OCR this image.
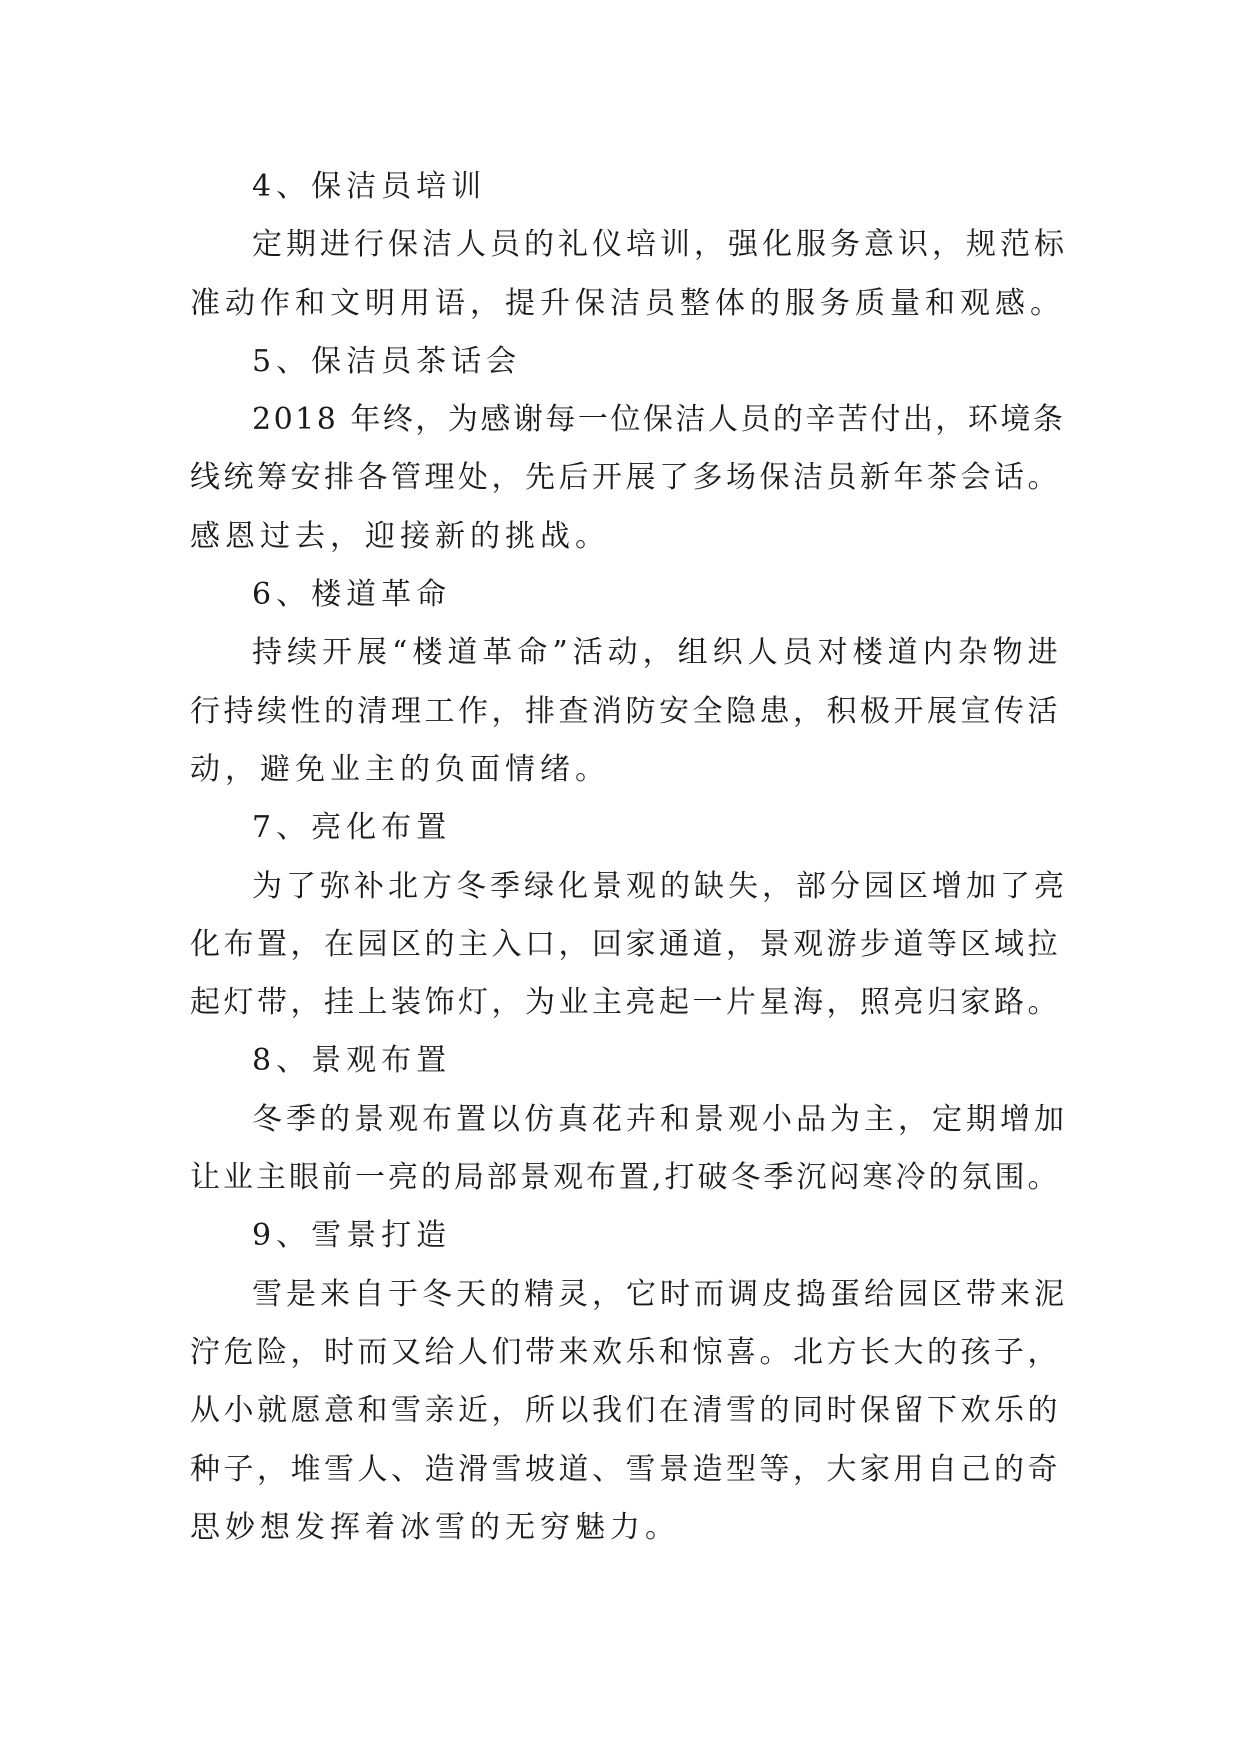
4、保洁员培训
定期进行保洁人员的礼仪培训，强化服务意识，规范标
准动作和文明用语，提升保洁员整体的服务质量和观感。
5、保洁员茶话会
2018 年终，为感谢每一位保洁人员的辛苦付出，环境条
线统筹安排各管理处，先后开展了多场保洁员新年茶会话。
感恩过去，迎接新的挑战。
6、楼道革命
持续开展“楼道革命”活动，组织人员对楼道内杂物进
行持续性的清理工作，排查消防安全隐患，积极开展宣传活
动，避免业主的负面情绪。
7、亮化布置
为了弥补北方冬季绿化景观的缺失，部分园区增加了亮
化布置，在园区的主入口，回家通道，景观游步道等区域拉
起灯带，挂上装饰灯，为业主亮起一片星海，照亮归家路。
8、景观布置
冬季的景观布置以仿真花卉和景观小品为主，定期增加
让业主眼前一亮的局部景观布置,打破冬季沉闷寒冷的氛围。
9、雪景打造
雪是来自于冬天的精灵，它时而调皮捣蛋给园区带来泥
泞危险，时而又给人们带来欢乐和惊喜。北方长大的孩子，
从小就愿意和雪亲近，所以我们在清雪的同时保留下欢乐的
种子，堆雪人、造滑雪坡道、雪景造型等，大家用自己的奇
思妙想发挥着冰雪的无穷魅力。
